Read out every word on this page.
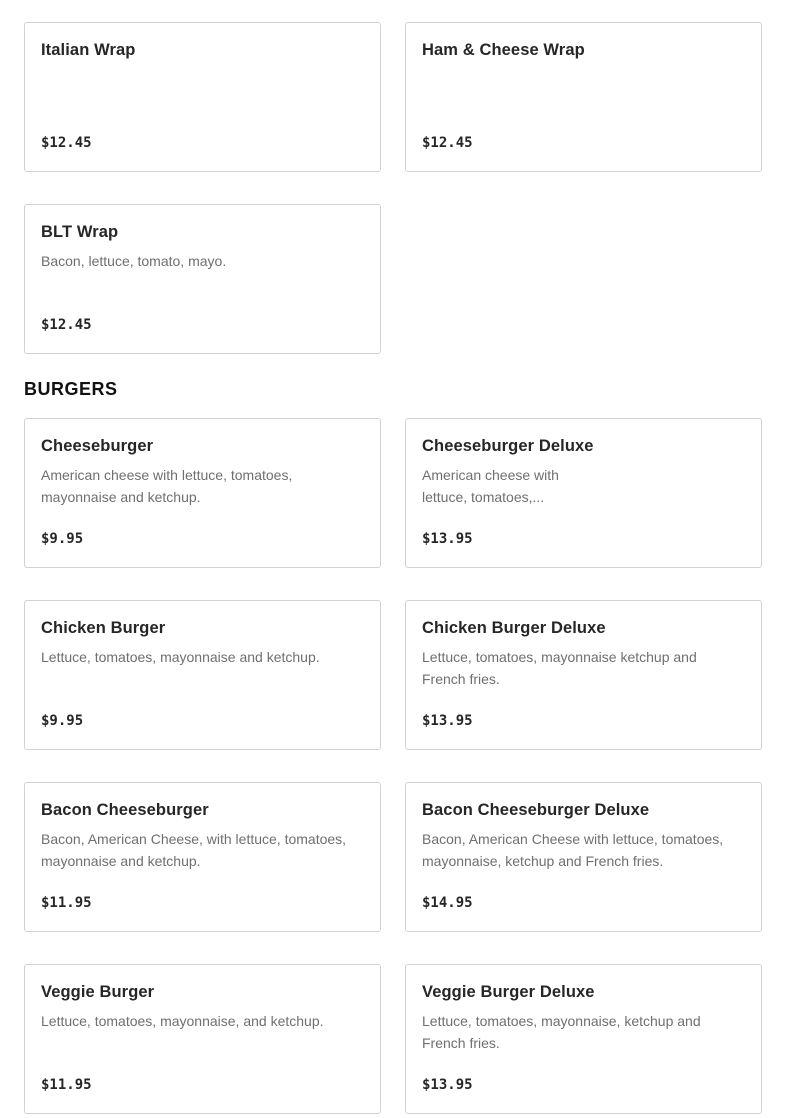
Italian Wrap
$12.45
Ham & Cheese Wrap
$12.45
BLT Wrap
Bacon, lettuce, tomato, mayo.
$12.45
BURGERS
Cheeseburger
American cheese with lettuce, tomatoes, mayonnaise and ketchup.
$9.95
Cheeseburger Deluxe
American cheese with lettuce, tomatoes,...
$13.95
Chicken Burger
Lettuce, tomatoes, mayonnaise and ketchup.
$9.95
Chicken Burger Deluxe
Lettuce, tomatoes, mayonnaise ketchup and French fries.
$13.95
Bacon Cheeseburger
Bacon, American Cheese, with lettuce, tomatoes, mayonnaise and ketchup.
$11.95
Bacon Cheeseburger Deluxe
Bacon, American Cheese with lettuce, tomatoes, mayonnaise, ketchup and French fries.
$14.95
Veggie Burger
Lettuce, tomatoes, mayonnaise, and ketchup.
$11.95
Veggie Burger Deluxe
Lettuce, tomatoes, mayonnaise, ketchup and French fries.
$13.95
